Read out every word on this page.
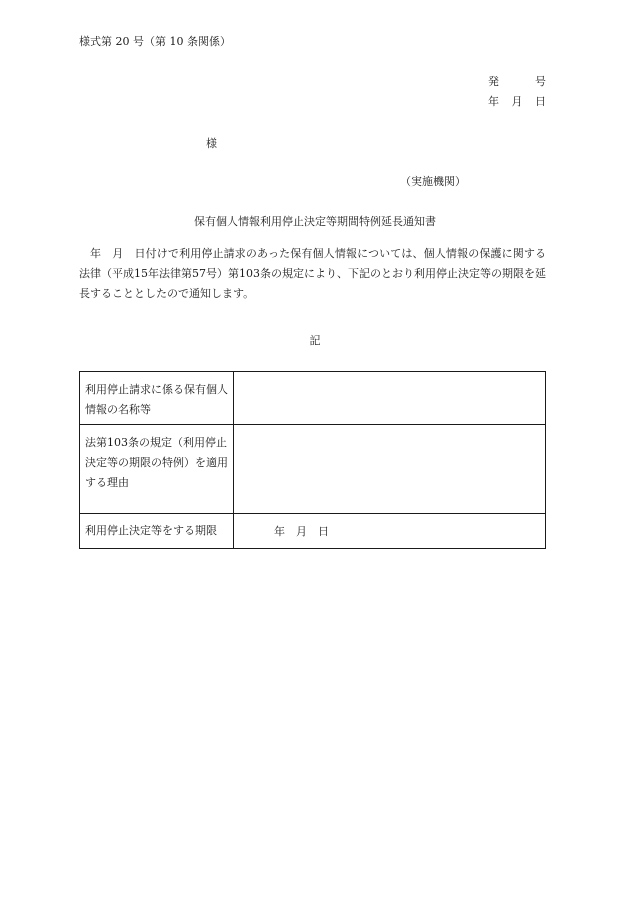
様式第 20 号（第 10 条関係）
発	号
年 月 日
様
（実施機関）
保有個人情報利用停止決定等期間特例延長通知書

年　月　日付けで利用停止請求のあった保有個人情報については、個人情報の保護に関する法律（平成15年法律第57号）第103条の規定により、下記のとおり利用停止決定等の期限を延長することとしたので通知します。

記
利用停止請求に係る保有個人情報の名称等	
法第103条の規定（利用停止決定等の期限の特例）を適用する理由	
利用停止決定等をする期限	年　月　日
